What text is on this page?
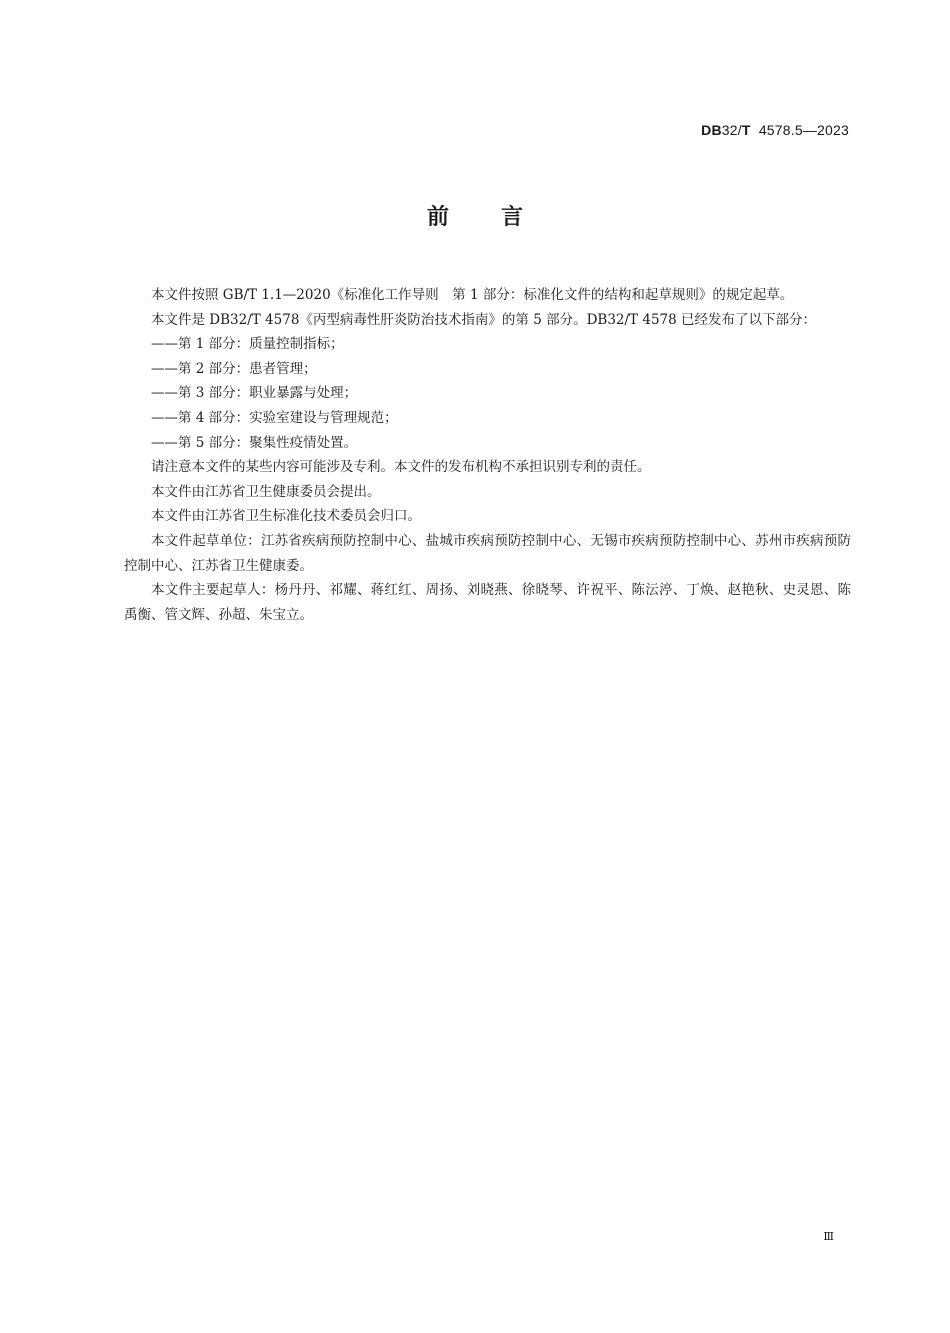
DB32/T  4578.5—2023
前言

本文件按照 GB/T 1.1—2020《标准化工作导则　第 1 部分：标准化文件的结构和起草规则》的规定起草。

本文件是 DB32/T 4578《丙型病毒性肝炎防治技术指南》的第 5 部分。DB32/T 4578 已经发布了以下部分：

——第 1 部分：质量控制指标；

——第 2 部分：患者管理；

——第 3 部分：职业暴露与处理；

——第 4 部分：实验室建设与管理规范；

——第 5 部分：聚集性疫情处置。

请注意本文件的某些内容可能涉及专利。本文件的发布机构不承担识别专利的责任。

本文件由江苏省卫生健康委员会提出。

本文件由江苏省卫生标准化技术委员会归口。

本文件起草单位：江苏省疾病预防控制中心、盐城市疾病预防控制中心、无锡市疾病预防控制中心、苏州市疾病预防控制中心、江苏省卫生健康委。

本文件主要起草人：杨丹丹、祁耀、蒋红红、周扬、刘晓燕、徐晓琴、许祝平、陈沄渟、丁焕、赵艳秋、史灵恩、陈禹衡、管文辉、孙超、朱宝立。

Ⅲ
